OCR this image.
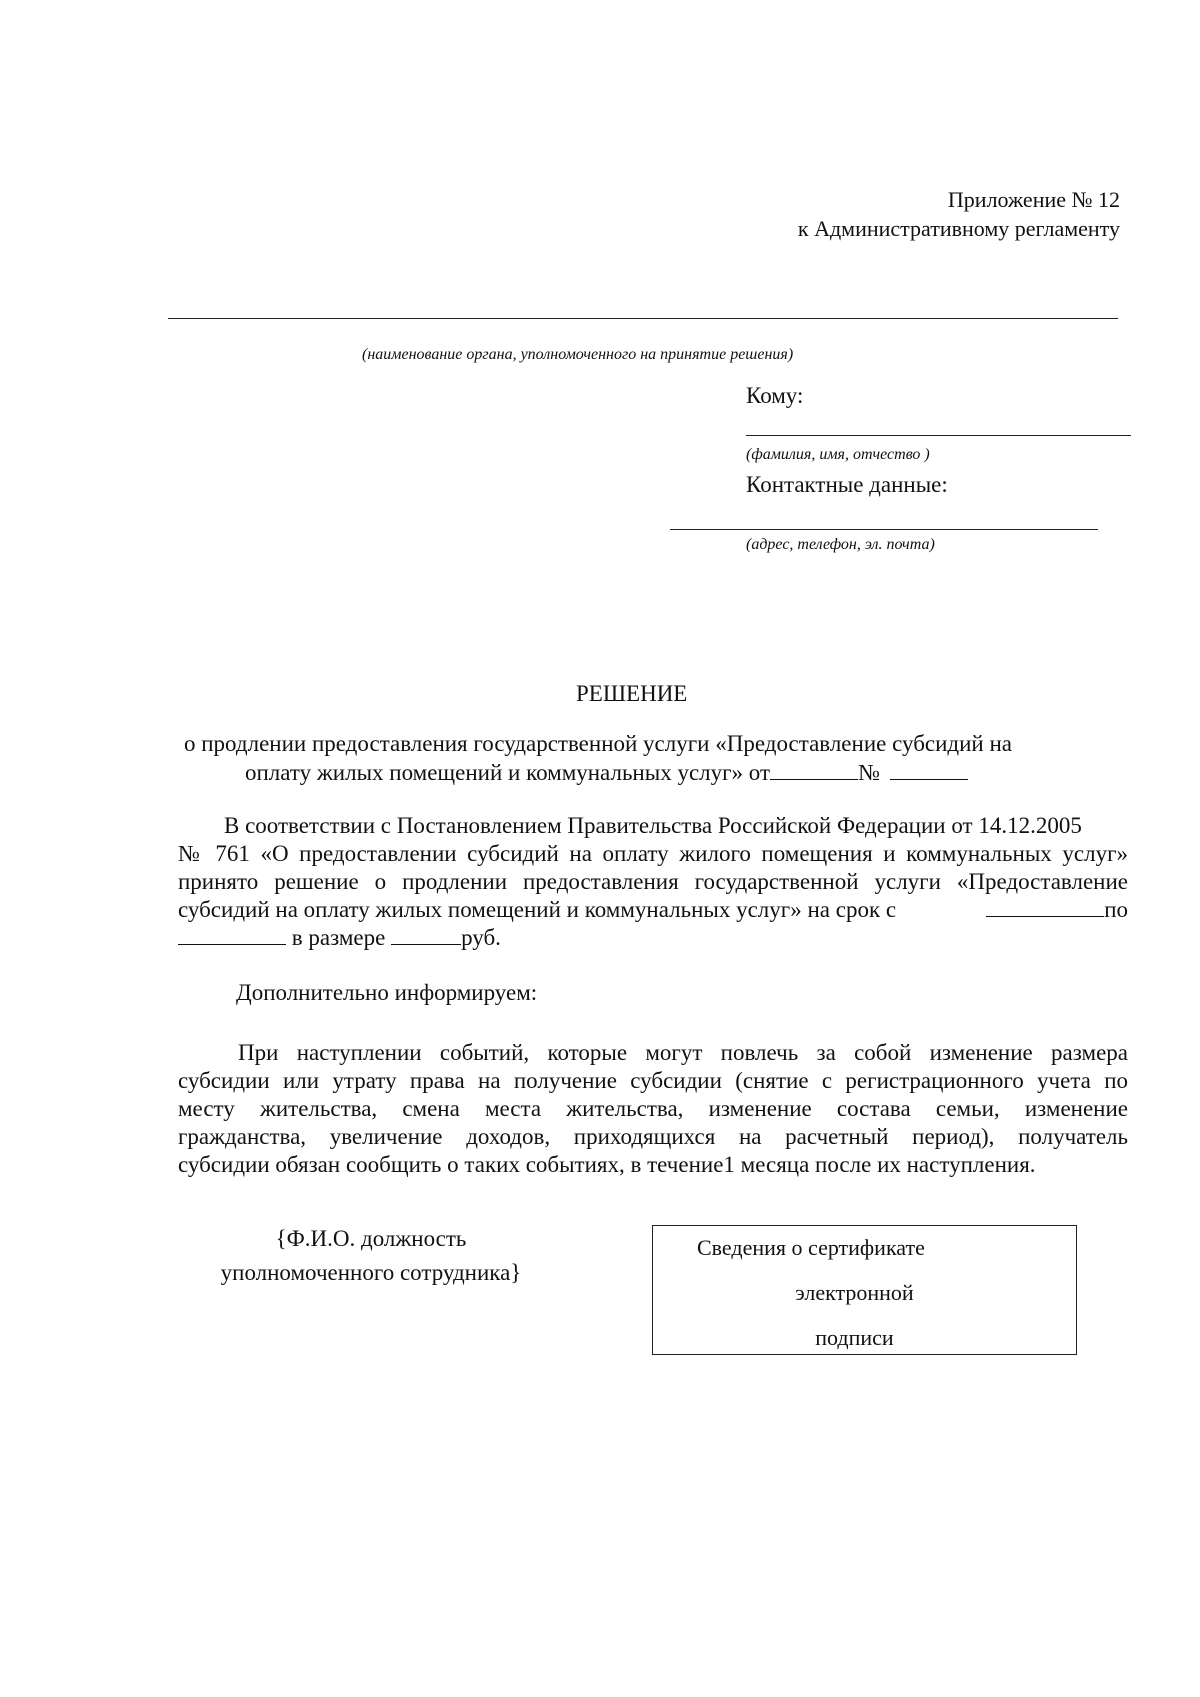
Приложение № 12
к Административному регламенту
(наименование органа, уполномоченного на принятие решения)
Кому:
(фамилия, имя, отчество )
Контактные данные:
(адрес, телефон, эл. почта)
РЕШЕНИЕ
о продлении предоставления государственной услуги «Предоставление субсидий на
оплату жилых помещений и коммунальных услуг» от	№
В соответствии с Постановлением Правительства Российской Федерации от 14.12.2005
№ 761 «О предоставлении субсидий на оплату жилого помещения и коммунальных услуг»
принято решение о продлении предоставления государственной услуги «Предоставление
субсидий на оплату жилых помещений и коммунальных услуг» на срок с	по
в размере	руб.
Дополнительно информируем:
При наступлении событий, которые могут повлечь за собой изменение размера
субсидии или утрату права на получение субсидии (снятие с регистрационного учета по
месту жительства, смена места жительства, изменение состава семьи, изменение
гражданства, увеличение доходов, приходящихся на расчетный период), получатель
субсидии обязан сообщить о таких событиях, в течение1 месяца после их наступления.
{Ф.И.О. должность
уполномоченного сотрудника}
Сведения о сертификате
электронной
подписи
